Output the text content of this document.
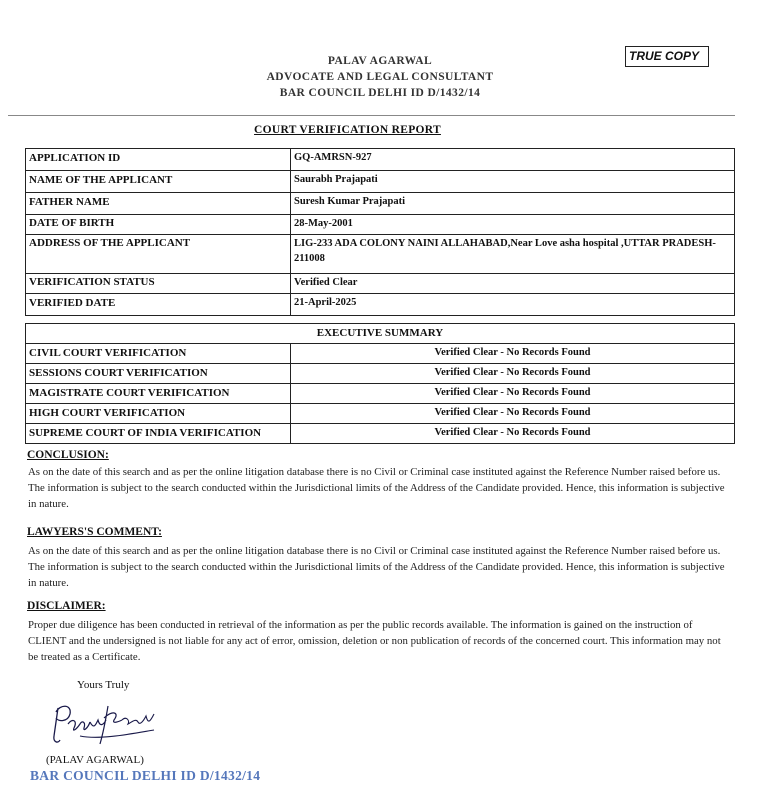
PALAV AGARWAL
ADVOCATE AND LEGAL CONSULTANT
BAR COUNCIL DELHI ID D/1432/14
TRUE COPY
COURT VERIFICATION REPORT
APPLICATION ID	GQ-AMRSN-927
NAME OF THE APPLICANT	Saurabh Prajapati
FATHER NAME	Suresh Kumar Prajapati
DATE OF BIRTH	28-May-2001
ADDRESS OF THE APPLICANT	LIG-233 ADA COLONY NAINI ALLAHABAD,Near Love asha hospital ,UTTAR PRADESH-211008
VERIFICATION STATUS	Verified Clear
VERIFIED DATE	21-April-2025
EXECUTIVE SUMMARY	
CIVIL COURT VERIFICATION	Verified Clear - No Records Found
SESSIONS COURT VERIFICATION	Verified Clear - No Records Found
MAGISTRATE COURT VERIFICATION	Verified Clear - No Records Found
HIGH COURT VERIFICATION	Verified Clear - No Records Found
SUPREME COURT OF INDIA VERIFICATION	Verified Clear - No Records Found
CONCLUSION:
As on the date of this search and as per the online litigation database there is no Civil or Criminal case instituted against the Reference Number raised before us. The information is subject to the search conducted within the Jurisdictional limits of the Address of the Candidate provided. Hence, this information is subjective in nature.
LAWYERS'S COMMENT:
As on the date of this search and as per the online litigation database there is no Civil or Criminal case instituted against the Reference Number raised before us. The information is subject to the search conducted within the Jurisdictional limits of the Address of the Candidate provided. Hence, this information is subjective in nature.
DISCLAIMER:
Proper due diligence has been conducted in retrieval of the information as per the public records available. The information is gained on the instruction of CLIENT and the undersigned is not liable for any act of error, omission, deletion or non publication of records of the concerned court. This information may not be treated as a Certificate.
Yours Truly
(PALAV AGARWAL)
BAR COUNCIL DELHI ID D/1432/14
